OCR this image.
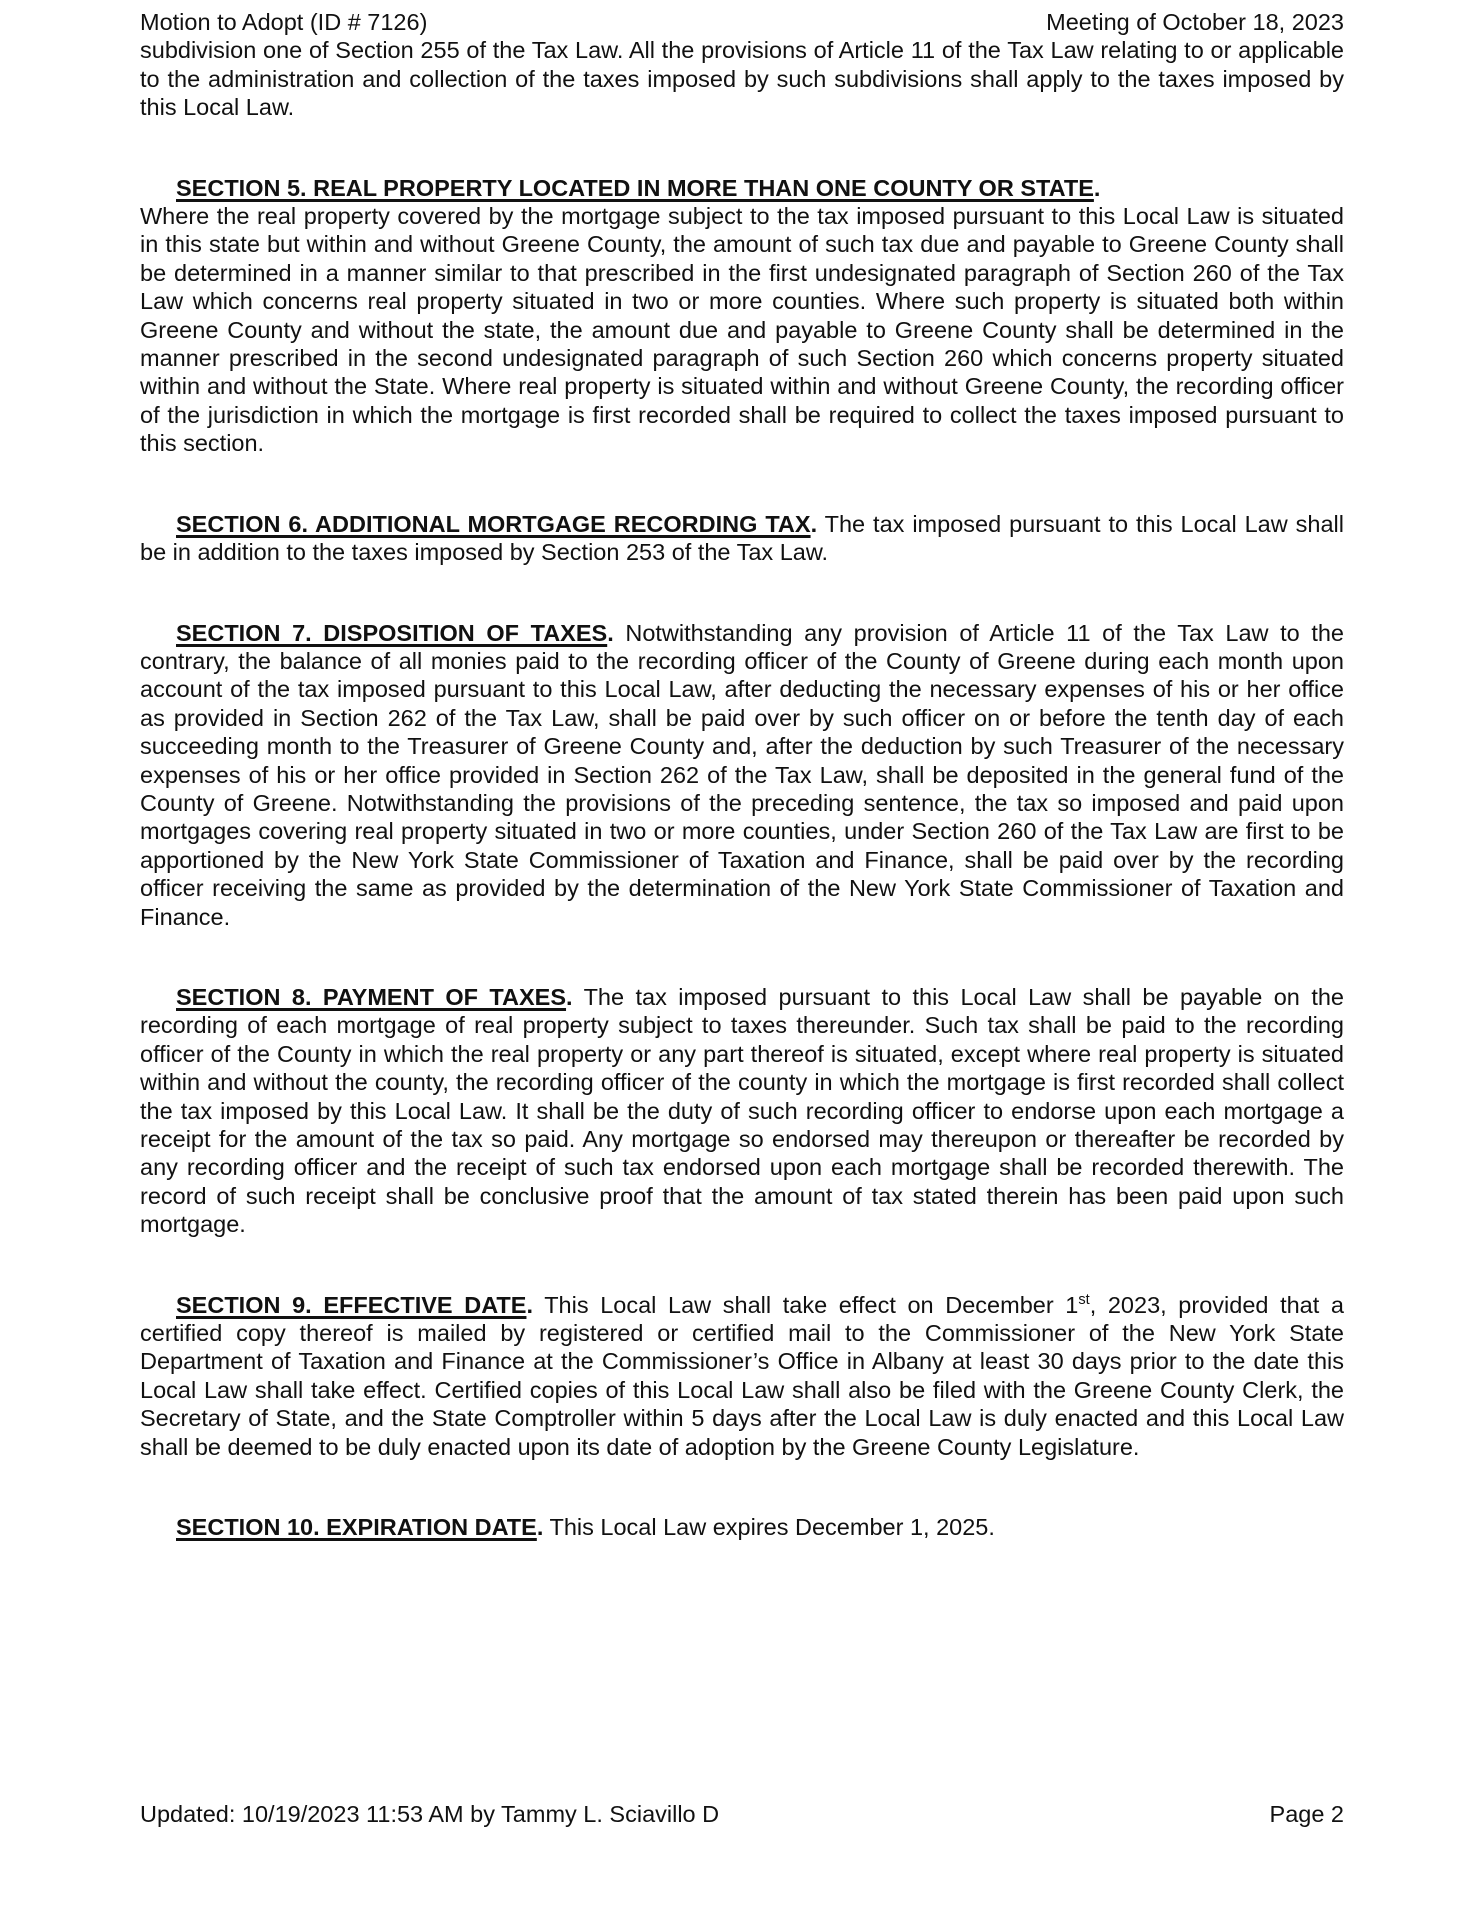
Motion to Adopt (ID # 7126)	Meeting of October 18, 2023

subdivision one of Section 255 of the Tax Law. All the provisions of Article 11 of the Tax Law relating to or applicable to the administration and collection of the taxes imposed by such subdivisions shall apply to the taxes imposed by this Local Law.

SECTION 5. REAL PROPERTY LOCATED IN MORE THAN ONE COUNTY OR STATE.

Where the real property covered by the mortgage subject to the tax imposed pursuant to this Local Law is situated in this state but within and without Greene County, the amount of such tax due and payable to Greene County shall be determined in a manner similar to that prescribed in the first undesignated paragraph of Section 260 of the Tax Law which concerns real property situated in two or more counties. Where such property is situated both within Greene County and without the state, the amount due and payable to Greene County shall be determined in the manner prescribed in the second undesignated paragraph of such Section 260 which concerns property situated within and without the State. Where real property is situated within and without Greene County, the recording officer of the jurisdiction in which the mortgage is first recorded shall be required to collect the taxes imposed pursuant to this section.

SECTION 6. ADDITIONAL MORTGAGE RECORDING TAX. The tax imposed pursuant to this Local Law shall be in addition to the taxes imposed by Section 253 of the Tax Law.

SECTION 7. DISPOSITION OF TAXES. Notwithstanding any provision of Article 11 of the Tax Law to the contrary, the balance of all monies paid to the recording officer of the County of Greene during each month upon account of the tax imposed pursuant to this Local Law, after deducting the necessary expenses of his or her office as provided in Section 262 of the Tax Law, shall be paid over by such officer on or before the tenth day of each succeeding month to the Treasurer of Greene County and, after the deduction by such Treasurer of the necessary expenses of his or her office provided in Section 262 of the Tax Law, shall be deposited in the general fund of the County of Greene. Notwithstanding the provisions of the preceding sentence, the tax so imposed and paid upon mortgages covering real property situated in two or more counties, under Section 260 of the Tax Law are first to be apportioned by the New York State Commissioner of Taxation and Finance, shall be paid over by the recording officer receiving the same as provided by the determination of the New York State Commissioner of Taxation and Finance.

SECTION 8. PAYMENT OF TAXES. The tax imposed pursuant to this Local Law shall be payable on the recording of each mortgage of real property subject to taxes thereunder. Such tax shall be paid to the recording officer of the County in which the real property or any part thereof is situated, except where real property is situated within and without the county, the recording officer of the county in which the mortgage is first recorded shall collect the tax imposed by this Local Law. It shall be the duty of such recording officer to endorse upon each mortgage a receipt for the amount of the tax so paid. Any mortgage so endorsed may thereupon or thereafter be recorded by any recording officer and the receipt of such tax endorsed upon each mortgage shall be recorded therewith. The record of such receipt shall be conclusive proof that the amount of tax stated therein has been paid upon such mortgage.

SECTION 9. EFFECTIVE DATE. This Local Law shall take effect on December 1st, 2023, provided that a certified copy thereof is mailed by registered or certified mail to the Commissioner of the New York State Department of Taxation and Finance at the Commissioner’s Office in Albany at least 30 days prior to the date this Local Law shall take effect. Certified copies of this Local Law shall also be filed with the Greene County Clerk, the Secretary of State, and the State Comptroller within 5 days after the Local Law is duly enacted and this Local Law shall be deemed to be duly enacted upon its date of adoption by the Greene County Legislature.

SECTION 10. EXPIRATION DATE. This Local Law expires December 1, 2025.

Updated: 10/19/2023 11:53 AM by Tammy L. Sciavillo D	Page 2
